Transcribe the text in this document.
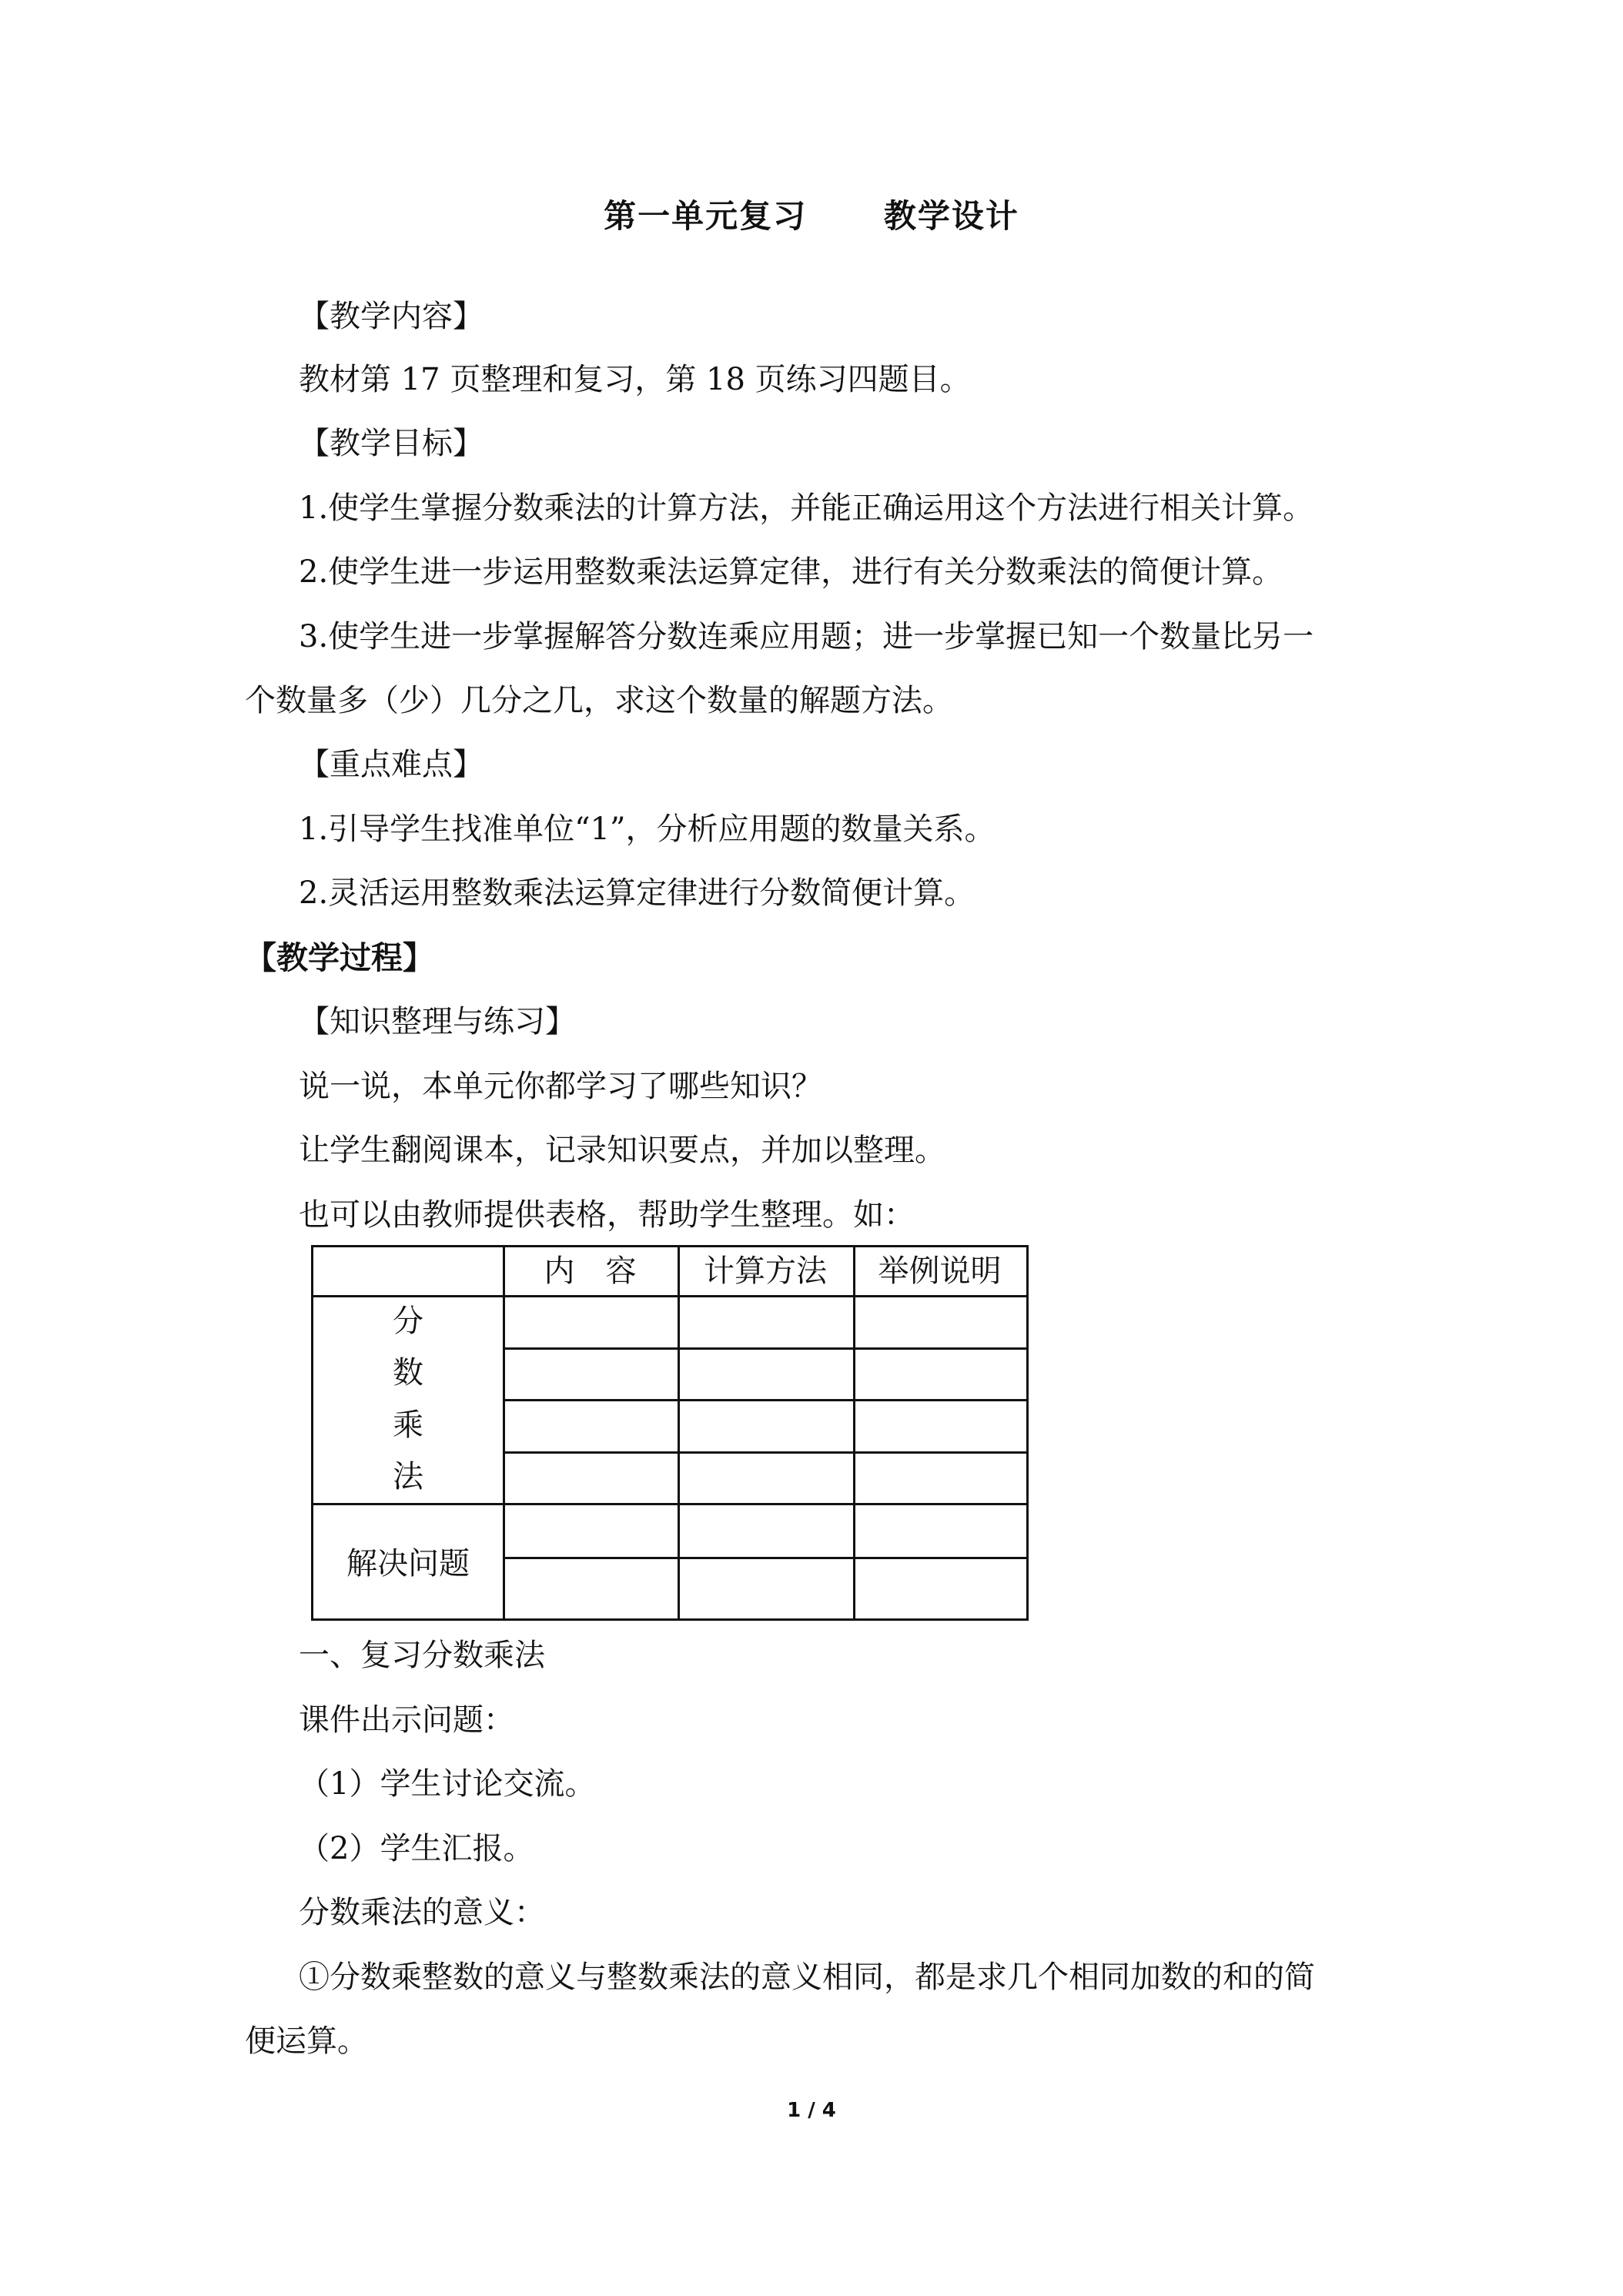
第一单元复习      教学设计
【教学内容】
教材第 17 页整理和复习，第 18 页练习四题目。
【教学目标】
1.使学生掌握分数乘法的计算方法，并能正确运用这个方法进行相关计算。
2.使学生进一步运用整数乘法运算定律，进行有关分数乘法的简便计算。
3.使学生进一步掌握解答分数连乘应用题；进一步掌握已知一个数量比另一
个数量多（少）几分之几，求这个数量的解题方法。
【重点难点】
1.引导学生找准单位“1”，分析应用题的数量关系。
2.灵活运用整数乘法运算定律进行分数简便计算。
【教学过程】
【知识整理与练习】
说一说，本单元你都学习了哪些知识？
让学生翻阅课本，记录知识要点，并加以整理。
也可以由教师提供表格，帮助学生整理。如：
内　容	计算方法	举例说明
分
数
乘
法
解决问题
一、复习分数乘法
课件出示问题：
（1）学生讨论交流。
（2）学生汇报。
分数乘法的意义：
①分数乘整数的意义与整数乘法的意义相同，都是求几个相同加数的和的简
便运算。
1 / 4
